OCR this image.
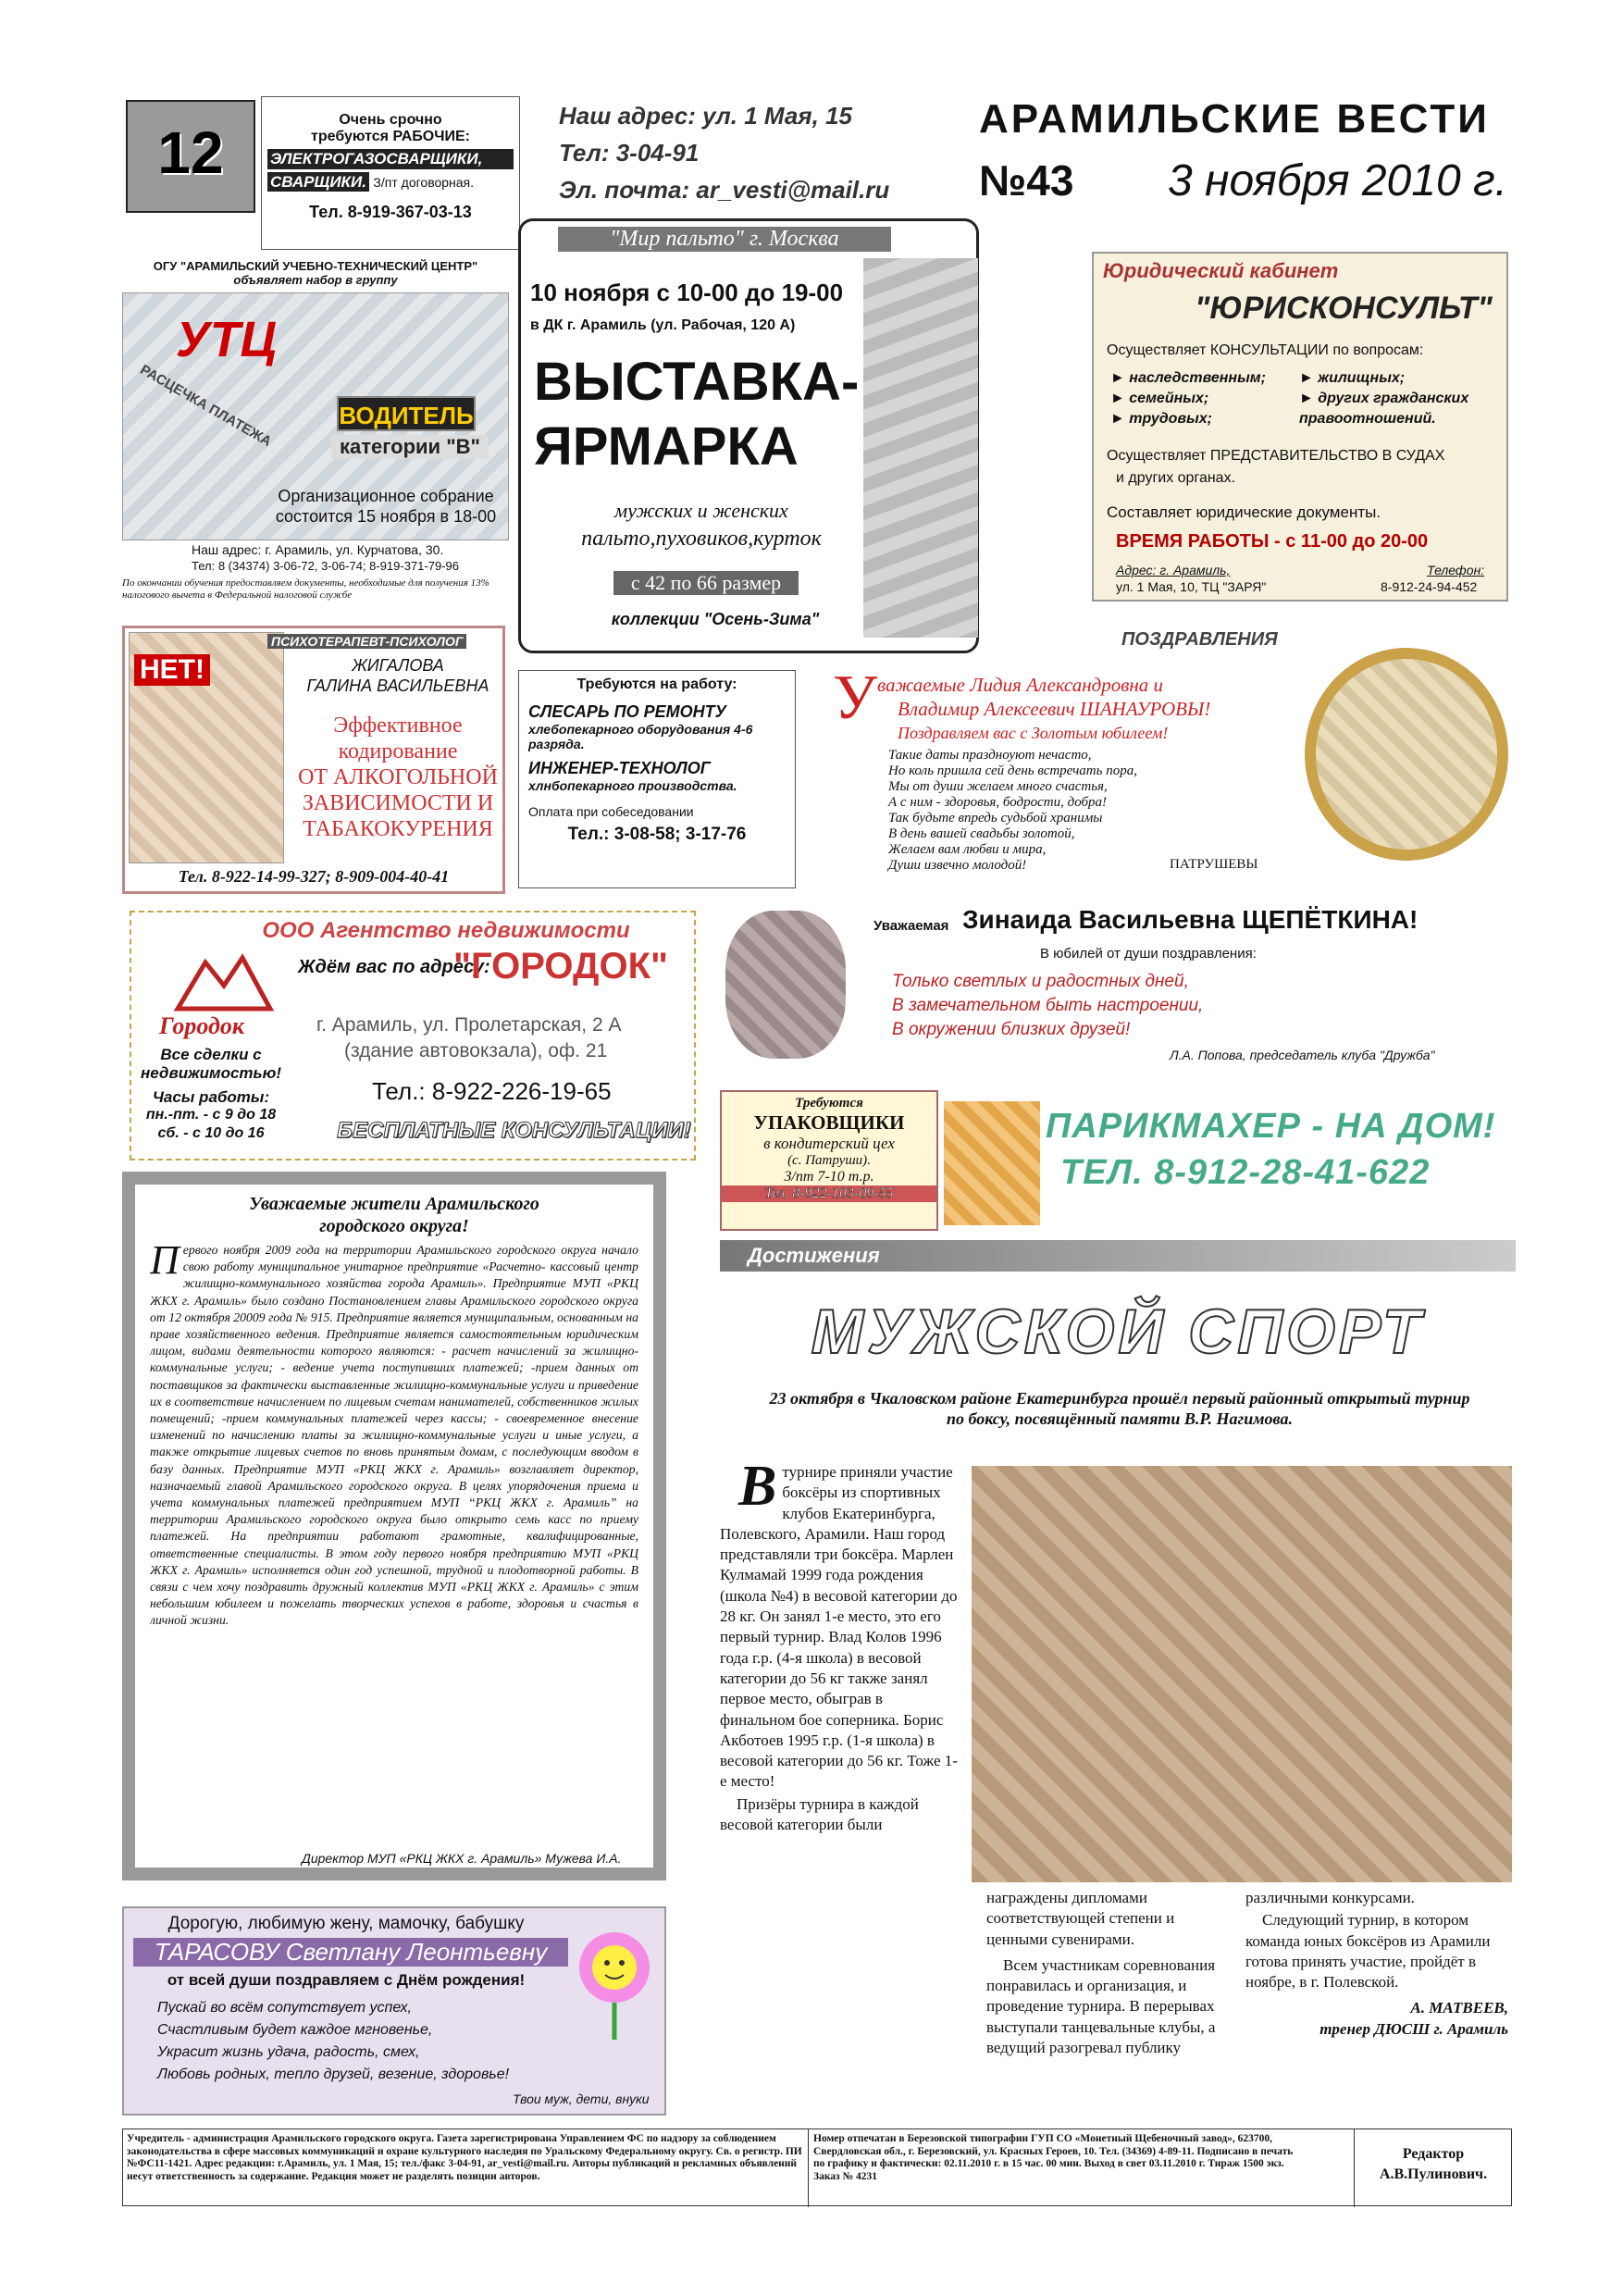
12	Очень срочно
требуются РАБОЧИЕ:
ЭЛЕКТРОГАЗОСВАРЩИКИ,
СВАРЩИКИ. З/пт договорная.
Тел. 8-919-367-03-13
Наш адрес: ул. 1 Мая, 15
Тел: 3-04-91
Эл. почта: ar_vesti@mail.ru
АРАМИЛЬСКИЕ ВЕСТИ
№43 3 ноября 2010 г.
ОГУ "АРАМИЛЬСКИЙ УЧЕБНО-ТЕХНИЧЕСКИЙ ЦЕНТР"
объявляет набор в группу
УТЦ
РАСЦЕЧКА ПЛАТЕЖА	ВОДИТЕЛЬ
категории "В"
Организационное собрание
состоится 15 ноября в 18-00
Наш адрес: г. Арамиль, ул. Курчатова, 30.
Тел: 8 (34374) 3-06-72, 3-06-74; 8-919-371-79-96
По окончании обучения предоставляем документы, необходимые для получения 13% налогового вычета в Федеральной налоговой службе
"Мир пальто" г. Москва
10 ноября с 10-00 до 19-00
в ДК г. Арамиль (ул. Рабочая, 120 А)
ВЫСТАВКА-
ЯРМАРКА
мужских и женских
пальто,пуховиков,курток
с 42 по 66 размер
коллекции "Осень-Зима"
Юридический кабинет
"ЮРИСКОНСУЛЬТ"
Осуществляет КОНСУЛЬТАЦИИ по вопросам:
► наследственным;
► семейных;
► трудовых;
► жилищных;
► других гражданских
правоотношений.
Осуществляет ПРЕДСТАВИТЕЛЬСТВО В СУДАХ
и других органах.
Составляет юридические документы.
ВРЕМЯ РАБОТЫ - с 11-00 до 20-00
Адрес: г. Арамиль,
ул. 1 Мая, 10, ТЦ "ЗАРЯ"
Телефон:
8-912-24-94-452
НЕТ!
ПСИХОТЕРАПЕВТ-ПСИХОЛОГ
ЖИГАЛОВА
ГАЛИНА ВАСИЛЬЕВНА
Эффективное
кодирование
ОТ АЛКОГОЛЬНОЙ
ЗАВИСИМОСТИ И
ТАБАКОКУРЕНИЯ
Тел. 8-922-14-99-327; 8-909-004-40-41
Требуются на работу:
СЛЕСАРЬ ПО РЕМОНТУ
хлебопекарного оборудования 4-6 разряда.
ИНЖЕНЕР-ТЕХНОЛОГ
хлнбопекарного производства.
Оплата при собеседовании
Тел.: 3-08-58; 3-17-76
ПОЗДРАВЛЕНИЯ
У важаемые Лидия Александровна и
Владимир Алексеевич ШАНАУРОВЫ!
Поздравляем вас с Золотым юбилеем!
Такие даты праздноуют нечасто,
Но коль пришла сей день встречать пора,
Мы от души желаем много счастья,
А с ним - здоровья, бодрости, добра!
Так будьте впредь судьбой хранимы
В день вашей свадьбы золотой,
Желаем вам любви и мира,
Души извечно молодой!	ПАТРУШЕВЫ
ООО Агентство недвижимости
Городок
Ждём вас по адресу:
"ГОРОДОК"
г. Арамиль, ул. Пролетарская, 2 А
(здание автовокзала), оф. 21
Тел.: 8-922-226-19-65
Все сделки с
недвижимостью!
Часы работы:
пн.-пт. - с 9 до 18
сб. - с 10 до 16	БЕСПЛАТНЫЕ КОНСУЛЬТАЦИИ!
Уважаемая Зинаида Васильевна ЩЕПЁТКИНА!
В юбилей от души поздравления:
Только светлых и радостных дней,
В замечательном быть настроении,
В окружении близких друзей!
Л.А. Попова, председатель клуба "Дружба"
Требуются
УПАКОВЩИКИ
в кондитерский цех
(с. Патруши).
З/пт 7-10 т.р.
Тел. 8-922-103-09-55
ПАРИКМАХЕР - НА ДОМ!
ТЕЛ. 8-912-28-41-622
Уважаемые жители Арамильского
городского округа!
Первого ноября 2009 года на территории Арамильского городского округа начало свою работу муниципальное унитарное предприятие «Расчетно- кассовый центр жилищно-коммунального хозяйства города Арамиль». Предприятие МУП «РКЦ ЖКХ г. Арамиль» было создано Постановлением главы Арамильского городского округа от 12 октября 20009 года № 915. Предприятие является муниципальным, основанным на праве хозяйственного ведения. Предприятие является самостоятельным юридическим лицом, видами деятельности которого являются: - расчет начислений за жилищно-коммунальные услуги; - ведение учета поступивших платежей; -прием данных от поставщиков за фактически выставленные жилищно-коммунальные услуги и приведение их в соответствие начислением по лицевым счетам нанимателей, собственников жилых помещений; -прием коммунальных платежей через кассы; - своевременное внесение изменений по начислению платы за жилищно-коммунальные услуги и иные услуги, а также открытие лицевых счетов по вновь принятым домам, с последующим вводом в базу данных. Предприятие МУП «РКЦ ЖКХ г. Арамиль» возглавляет директор, назначаемый главой Арамильского городского округа. В целях упорядочения приема и учета коммунальных платежей предприятием МУП “РКЦ ЖКХ г. Арамиль” на территории Арамильского городского округа было открыто семь касс по приему платежей. На предприятии работают грамотные, квалифицированные, ответственные специалисты. В этом году первого ноября предприятию МУП «РКЦ ЖКХ г. Арамиль» исполняется один год успешной, трудной и плодотворной работы. В связи с чем хочу поздравить дружный коллектив МУП «РКЦ ЖКХ г. Арамиль» с этим небольшим юбилеем и пожелать творческих успехов в работе, здоровья и счастья в личной жизни.
Директор МУП «РКЦ ЖКХ г. Арамиль» Мужева И.А.
Дорогую, любимую жену, мамочку, бабушку
ТАРАСОВУ Светлану Леонтьевну
от всей души поздравляем с Днём рождения!
Пускай во всём сопутствует успех,
Счастливым будет каждое мгновенье,
Украсит жизнь удача, радость, смех,
Любовь родных, тепло друзей, везение, здоровье!
Твои муж, дети, внуки
Достижения
МУЖСКОЙ СПОРТ
23 октября в Чкаловском районе Екатеринбурга прошёл первый районный открытый турнир по боксу, посвящённый памяти В.Р. Нагимова.
Втурнире приняли участие боксёры из спортивных клубов Екатеринбурга, Полевского, Арамили. Наш город представляли три боксёра. Марлен Кулмамай 1999 года рождения (школа №4) в весовой категории до 28 кг. Он занял 1-е место, это его первый турнир. Влад Колов 1996 года г.р. (4-я школа) в весовой категории до 56 кг также занял первое место, обыграв в финальном бое соперника. Борис Акботоев 1995 г.р. (1-я школа) в весовой категории до 56 кг. Тоже 1-е место!
Призёры турнира в каждой весовой категории были
награждены дипломами соответствующей степени и ценными сувенирами.
Всем участникам соревнования понравилась и организация, и проведение турнира. В перерывах выступали танцевальные клубы, а ведущий разогревал публику
различными конкурсами.
Следующий турнир, в котором команда юных боксёров из Арамили готова принять участие, пройдёт в ноябре, в г. Полевской.
А. МАТВЕЕВ,
тренер ДЮСШ г. Арамиль
Учредитель - администрация Арамильского городского округа. Газета зарегистрирована Управлением ФС по надзору за соблюдением законодательства в сфере массовых коммуникаций и охране культурного наследия по Уральскому Федеральному округу. Св. о регистр. ПИ №ФС11-1421. Адрес редакции: г.Арамиль, ул. 1 Мая, 15; тел./факс 3-04-91, ar_vesti@mail.ru. Авторы публикаций и рекламных объявлений несут ответственность за содержание. Редакция может не разделять позиции авторов.
Номер отпечатан в Березовской типографии ГУП СО «Монетный Щебеночный завод», 623700, Свердловская обл., г. Березовский, ул. Красных Героев, 10. Тел. (34369) 4-89-11. Подписано в печать по графику и фактически: 02.11.2010 г. в 15 час. 00 мин. Выход в свет 03.11.2010 г. Тираж 1500 экз. Заказ № 4231
Редактор
А.В.Пулинович.
